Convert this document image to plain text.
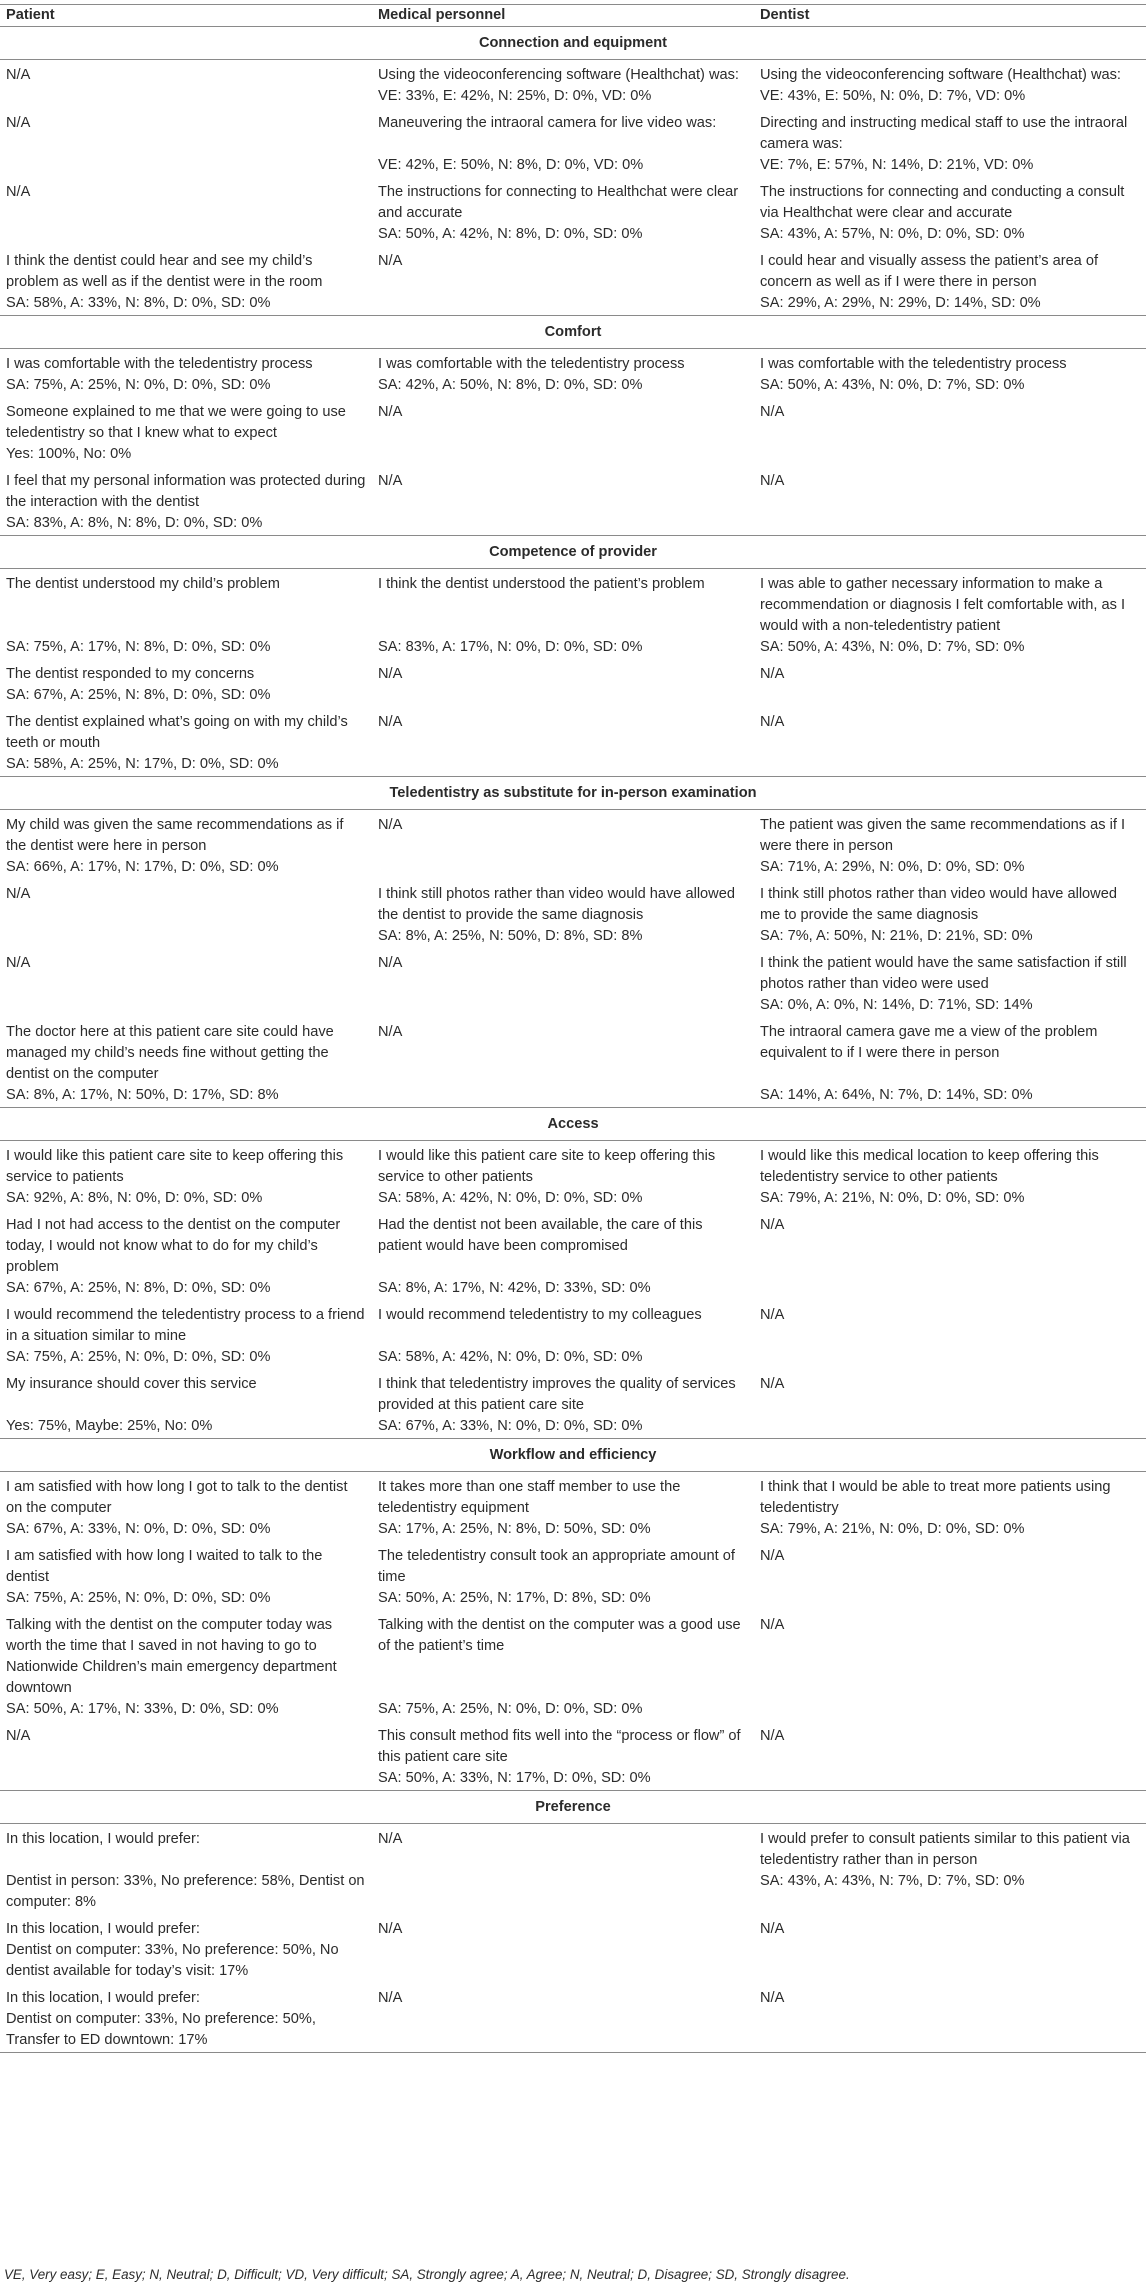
Patient	Medical personnel	Dentist
Connection and equipment		
N/A	Using the videoconferencing software (Healthchat) was:	Using the videoconferencing software (Healthchat) was:
	VE: 33%, E: 42%, N: 25%, D: 0%, VD: 0%	VE: 43%, E: 50%, N: 0%, D: 7%, VD: 0%
N/A	Maneuvering the intraoral camera for live video was:	Directing and instructing medical staff to use the intraoral camera was:
	VE: 42%, E: 50%, N: 8%, D: 0%, VD: 0%	VE: 7%, E: 57%, N: 14%, D: 21%, VD: 0%
N/A	The instructions for connecting to Healthchat were clear and accurate	The instructions for connecting and conducting a consult via Healthchat were clear and accurate
	SA: 50%, A: 42%, N: 8%, D: 0%, SD: 0%	SA: 43%, A: 57%, N: 0%, D: 0%, SD: 0%
I think the dentist could hear and see my child’s problem as well as if the dentist were in the room	N/A	I could hear and visually assess the patient’s area of concern as well as if I were there in person
SA: 58%, A: 33%, N: 8%, D: 0%, SD: 0%		SA: 29%, A: 29%, N: 29%, D: 14%, SD: 0%
Comfort		
I was comfortable with the teledentistry process	I was comfortable with the teledentistry process	I was comfortable with the teledentistry process
SA: 75%, A: 25%, N: 0%, D: 0%, SD: 0%	SA: 42%, A: 50%, N: 8%, D: 0%, SD: 0%	SA: 50%, A: 43%, N: 0%, D: 7%, SD: 0%
Someone explained to me that we were going to use teledentistry so that I knew what to expect	N/A	N/A
Yes: 100%, No: 0%		
I feel that my personal information was protected during the interaction with the dentist	N/A	N/A
SA: 83%, A: 8%, N: 8%, D: 0%, SD: 0%		
Competence of provider		
The dentist understood my child’s problem	I think the dentist understood the patient’s problem	I was able to gather necessary information to make a recommendation or diagnosis I felt comfortable with, as I would with a non-teledentistry patient
SA: 75%, A: 17%, N: 8%, D: 0%, SD: 0%	SA: 83%, A: 17%, N: 0%, D: 0%, SD: 0%	SA: 50%, A: 43%, N: 0%, D: 7%, SD: 0%
The dentist responded to my concerns	N/A	N/A
SA: 67%, A: 25%, N: 8%, D: 0%, SD: 0%		
The dentist explained what’s going on with my child’s teeth or mouth	N/A	N/A
SA: 58%, A: 25%, N: 17%, D: 0%, SD: 0%		
Teledentistry as substitute for in-person examination		
My child was given the same recommendations as if the dentist were here in person	N/A	The patient was given the same recommendations as if I were there in person
SA: 66%, A: 17%, N: 17%, D: 0%, SD: 0%		SA: 71%, A: 29%, N: 0%, D: 0%, SD: 0%
N/A	I think still photos rather than video would have allowed the dentist to provide the same diagnosis	I think still photos rather than video would have allowed me to provide the same diagnosis
	SA: 8%, A: 25%, N: 50%, D: 8%, SD: 8%	SA: 7%, A: 50%, N: 21%, D: 21%, SD: 0%
N/A	N/A	I think the patient would have the same satisfaction if still photos rather than video were used
		SA: 0%, A: 0%, N: 14%, D: 71%, SD: 14%
The doctor here at this patient care site could have managed my child’s needs fine without getting the dentist on the computer	N/A	The intraoral camera gave me a view of the problem equivalent to if I were there in person
SA: 8%, A: 17%, N: 50%, D: 17%, SD: 8%		SA: 14%, A: 64%, N: 7%, D: 14%, SD: 0%
Access		
I would like this patient care site to keep offering this service to patients	I would like this patient care site to keep offering this service to other patients	I would like this medical location to keep offering this teledentistry service to other patients
SA: 92%, A: 8%, N: 0%, D: 0%, SD: 0%	SA: 58%, A: 42%, N: 0%, D: 0%, SD: 0%	SA: 79%, A: 21%, N: 0%, D: 0%, SD: 0%
Had I not had access to the dentist on the computer today, I would not know what to do for my child’s problem	Had the dentist not been available, the care of this patient would have been compromised	N/A
SA: 67%, A: 25%, N: 8%, D: 0%, SD: 0%	SA: 8%, A: 17%, N: 42%, D: 33%, SD: 0%	
I would recommend the teledentistry process to a friend in a situation similar to mine	I would recommend teledentistry to my colleagues	N/A
SA: 75%, A: 25%, N: 0%, D: 0%, SD: 0%	SA: 58%, A: 42%, N: 0%, D: 0%, SD: 0%	
My insurance should cover this service	I think that teledentistry improves the quality of services provided at this patient care site	N/A
Yes: 75%, Maybe: 25%, No: 0%	SA: 67%, A: 33%, N: 0%, D: 0%, SD: 0%	
Workflow and efficiency		
I am satisfied with how long I got to talk to the dentist on the computer	It takes more than one staff member to use the teledentistry equipment	I think that I would be able to treat more patients using teledentistry
SA: 67%, A: 33%, N: 0%, D: 0%, SD: 0%	SA: 17%, A: 25%, N: 8%, D: 50%, SD: 0%	SA: 79%, A: 21%, N: 0%, D: 0%, SD: 0%
I am satisfied with how long I waited to talk to the dentist	The teledentistry consult took an appropriate amount of time	N/A
SA: 75%, A: 25%, N: 0%, D: 0%, SD: 0%	SA: 50%, A: 25%, N: 17%, D: 8%, SD: 0%	
Talking with the dentist on the computer today was worth the time that I saved in not having to go to Nationwide Children’s main emergency department downtown	Talking with the dentist on the computer was a good use of the patient’s time	N/A
SA: 50%, A: 17%, N: 33%, D: 0%, SD: 0%	SA: 75%, A: 25%, N: 0%, D: 0%, SD: 0%	
N/A	This consult method fits well into the “process or flow” of this patient care site	N/A
	SA: 50%, A: 33%, N: 17%, D: 0%, SD: 0%	
Preference		
In this location, I would prefer:	N/A	I would prefer to consult patients similar to this patient via teledentistry rather than in person
Dentist in person: 33%, No preference: 58%, Dentist on computer: 8%		SA: 43%, A: 43%, N: 7%, D: 7%, SD: 0%
In this location, I would prefer:	N/A	N/A
Dentist on computer: 33%, No preference: 50%, No dentist available for today’s visit: 17%		
In this location, I would prefer:	N/A	N/A
Dentist on computer: 33%, No preference: 50%, Transfer to ED downtown: 17%		
VE, Very easy; E, Easy; N, Neutral; D, Difficult; VD, Very difficult; SA, Strongly agree; A, Agree; N, Neutral; D, Disagree; SD, Strongly disagree.
